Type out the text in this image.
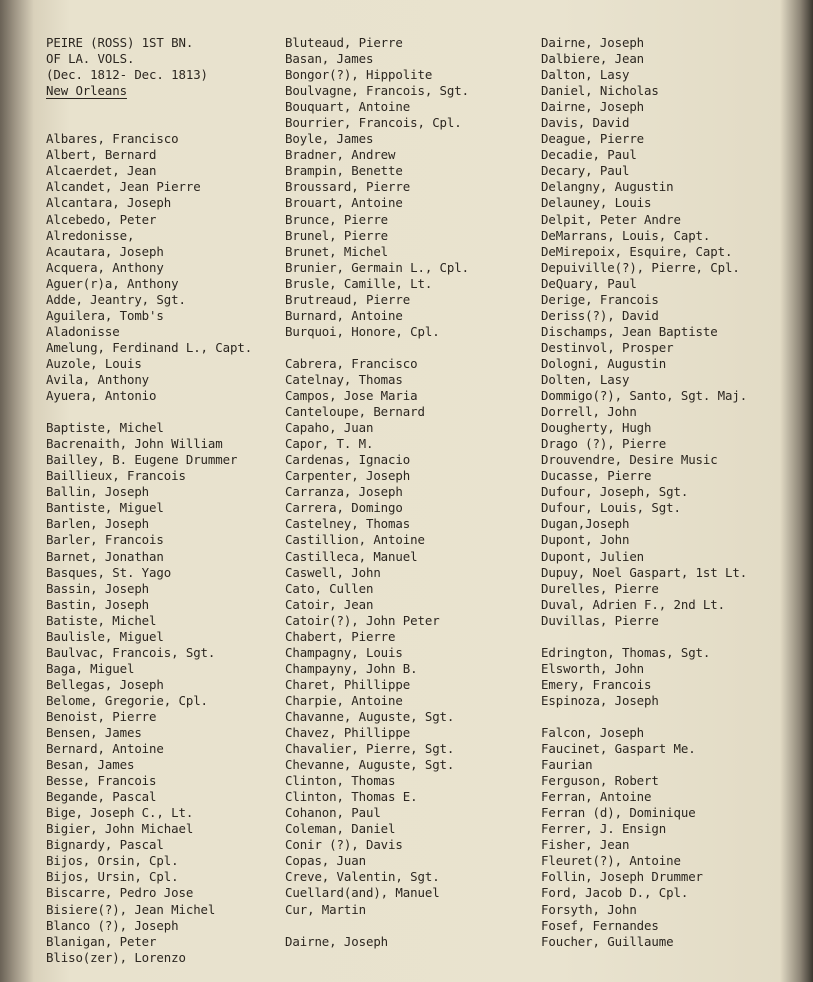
PEIRE (ROSS) 1ST BN.
OF LA. VOLS.
(Dec. 1812- Dec. 1813)
New Orleans
Albares, Francisco
Albert, Bernard
Alcaerdet, Jean
Alcandet, Jean Pierre
Alcantara, Joseph
Alcebedo, Peter
Alredonisse,
Acautara, Joseph
Acquera, Anthony
Aguer(r)a, Anthony
Adde, Jeantry, Sgt.
Aguilera, Tomb's
Aladonisse
Amelung, Ferdinand L., Capt.
Auzole, Louis
Avila, Anthony
Ayuera, Antonio
Baptiste, Michel
Bacrenaith, John William
Bailley, B. Eugene Drummer
Baillieux, Francois
Ballin, Joseph
Bantiste, Miguel
Barlen, Joseph
Barler, Francois
Barnet, Jonathan
Basques, St. Yago
Bassin, Joseph
Bastin, Joseph
Batiste, Michel
Baulisle, Miguel
Baulvac, Francois, Sgt.
Baga, Miguel
Bellegas, Joseph
Belome, Gregorie, Cpl.
Benoist, Pierre
Bensen, James
Bernard, Antoine
Besan, James
Besse, Francois
Begande, Pascal
Bige, Joseph C., Lt.
Bigier, John Michael
Bignardy, Pascal
Bijos, Orsin, Cpl.
Bijos, Ursin, Cpl.
Biscarre, Pedro Jose
Bisiere(?), Jean Michel
Blanco (?), Joseph
Blanigan, Peter
Bliso(zer), Lorenzo
Bluteaud, Pierre
Basan, James
Bongor(?), Hippolite
Boulvagne, Francois, Sgt.
Bouquart, Antoine
Bourrier, Francois, Cpl.
Boyle, James
Bradner, Andrew
Brampin, Benette
Broussard, Pierre
Brouart, Antoine
Brunce, Pierre
Brunel, Pierre
Brunet, Michel
Brunier, Germain L., Cpl.
Brusle, Camille, Lt.
Brutreaud, Pierre
Burnard, Antoine
Burquoi, Honore, Cpl.
Cabrera, Francisco
Catelnay, Thomas
Campos, Jose Maria
Canteloupe, Bernard
Capaho, Juan
Capor, T. M.
Cardenas, Ignacio
Carpenter, Joseph
Carranza, Joseph
Carrera, Domingo
Castelney, Thomas
Castillion, Antoine
Castilleca, Manuel
Caswell, John
Cato, Cullen
Catoir, Jean
Catoir(?), John Peter
Chabert, Pierre
Champagny, Louis
Champayny, John B.
Charet, Phillippe
Charpie, Antoine
Chavanne, Auguste, Sgt.
Chavez, Phillippe
Chavalier, Pierre, Sgt.
Chevanne, Auguste, Sgt.
Clinton, Thomas
Clinton, Thomas E.
Cohanon, Paul
Coleman, Daniel
Conir (?), Davis
Copas, Juan
Creve, Valentin, Sgt.
Cuellard(and), Manuel
Cur, Martin
Dairne, Joseph
Dairne, Joseph
Dalbiere, Jean
Dalton, Lasy
Daniel, Nicholas
Dairne, Joseph
Davis, David
Deague, Pierre
Decadie, Paul
Decary, Paul
Delangny, Augustin
Delauney, Louis
Delpit, Peter Andre
DeMarrans, Louis, Capt.
DeMirepoix, Esquire, Capt.
Depuiville(?), Pierre, Cpl.
DeQuary, Paul
Derige, Francois
Deriss(?), David
Dischamps, Jean Baptiste
Destinvol, Prosper
Dologni, Augustin
Dolten, Lasy
Dommigo(?), Santo, Sgt. Maj.
Dorrell, John
Dougherty, Hugh
Drago (?), Pierre
Drouvendre, Desire Music
Ducasse, Pierre
Dufour, Joseph, Sgt.
Dufour, Louis, Sgt.
Dugan,Joseph
Dupont, John
Dupont, Julien
Dupuy, Noel Gaspart, 1st Lt.
Durelles, Pierre
Duval, Adrien F., 2nd Lt.
Duvillas, Pierre
Edrington, Thomas, Sgt.
Elsworth, John
Emery, Francois
Espinoza, Joseph
Falcon, Joseph
Faucinet, Gaspart Me.
Faurian
Ferguson, Robert
Ferran, Antoine
Ferran (d), Dominique
Ferrer, J. Ensign
Fisher, Jean
Fleuret(?), Antoine
Follin, Joseph Drummer
Ford, Jacob D., Cpl.
Forsyth, John
Fosef, Fernandes
Foucher, Guillaume
